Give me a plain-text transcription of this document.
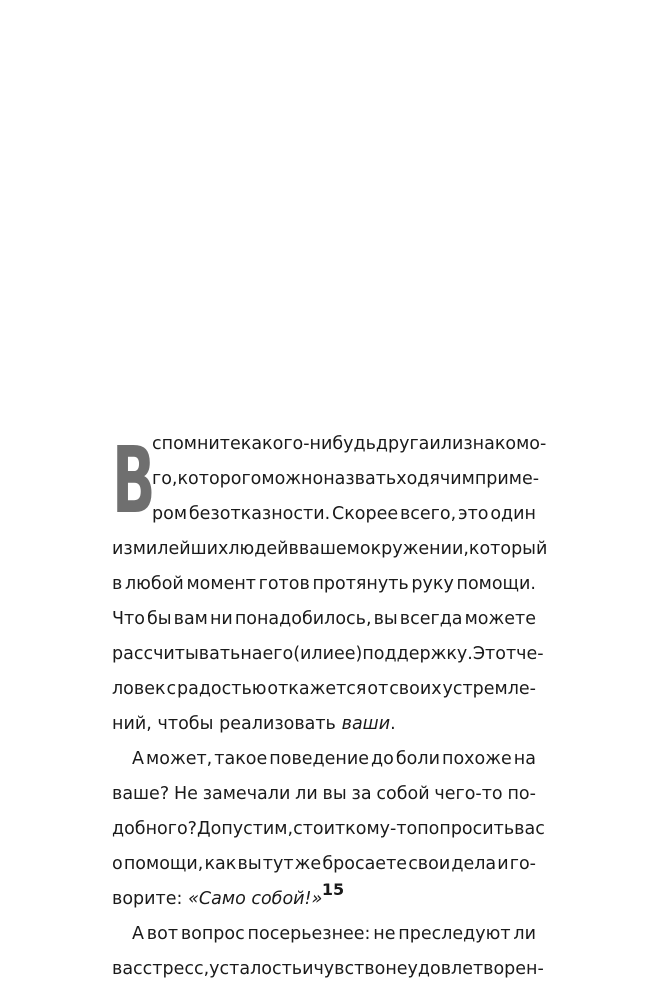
В
спомните какого-нибудь друга или знакомо-
го, которого можно назвать ходячим приме-
ром безотказности. Скорее всего, это один
из милейших людей в вашем окружении, который
в любой момент готов протянуть руку помощи.
Что бы вам ни понадобилось, вы всегда можете
рассчитывать на его (или ее) поддержку. Этот че-
ловек с радостью откажется от своих устремле-
ний, чтобы реализовать ваши.
А может, такое поведение до боли похоже на
ваше? Не замечали ли вы за собой чего-то по-
добного? Допустим, стоит кому-то попросить вас
о помощи, как вы тут же бросаете свои дела и го-
ворите: «Само собой!»
А вот вопрос посерьезнее: не преследуют ли
вас стресс, усталость и чувство неудовлетворен-
15
